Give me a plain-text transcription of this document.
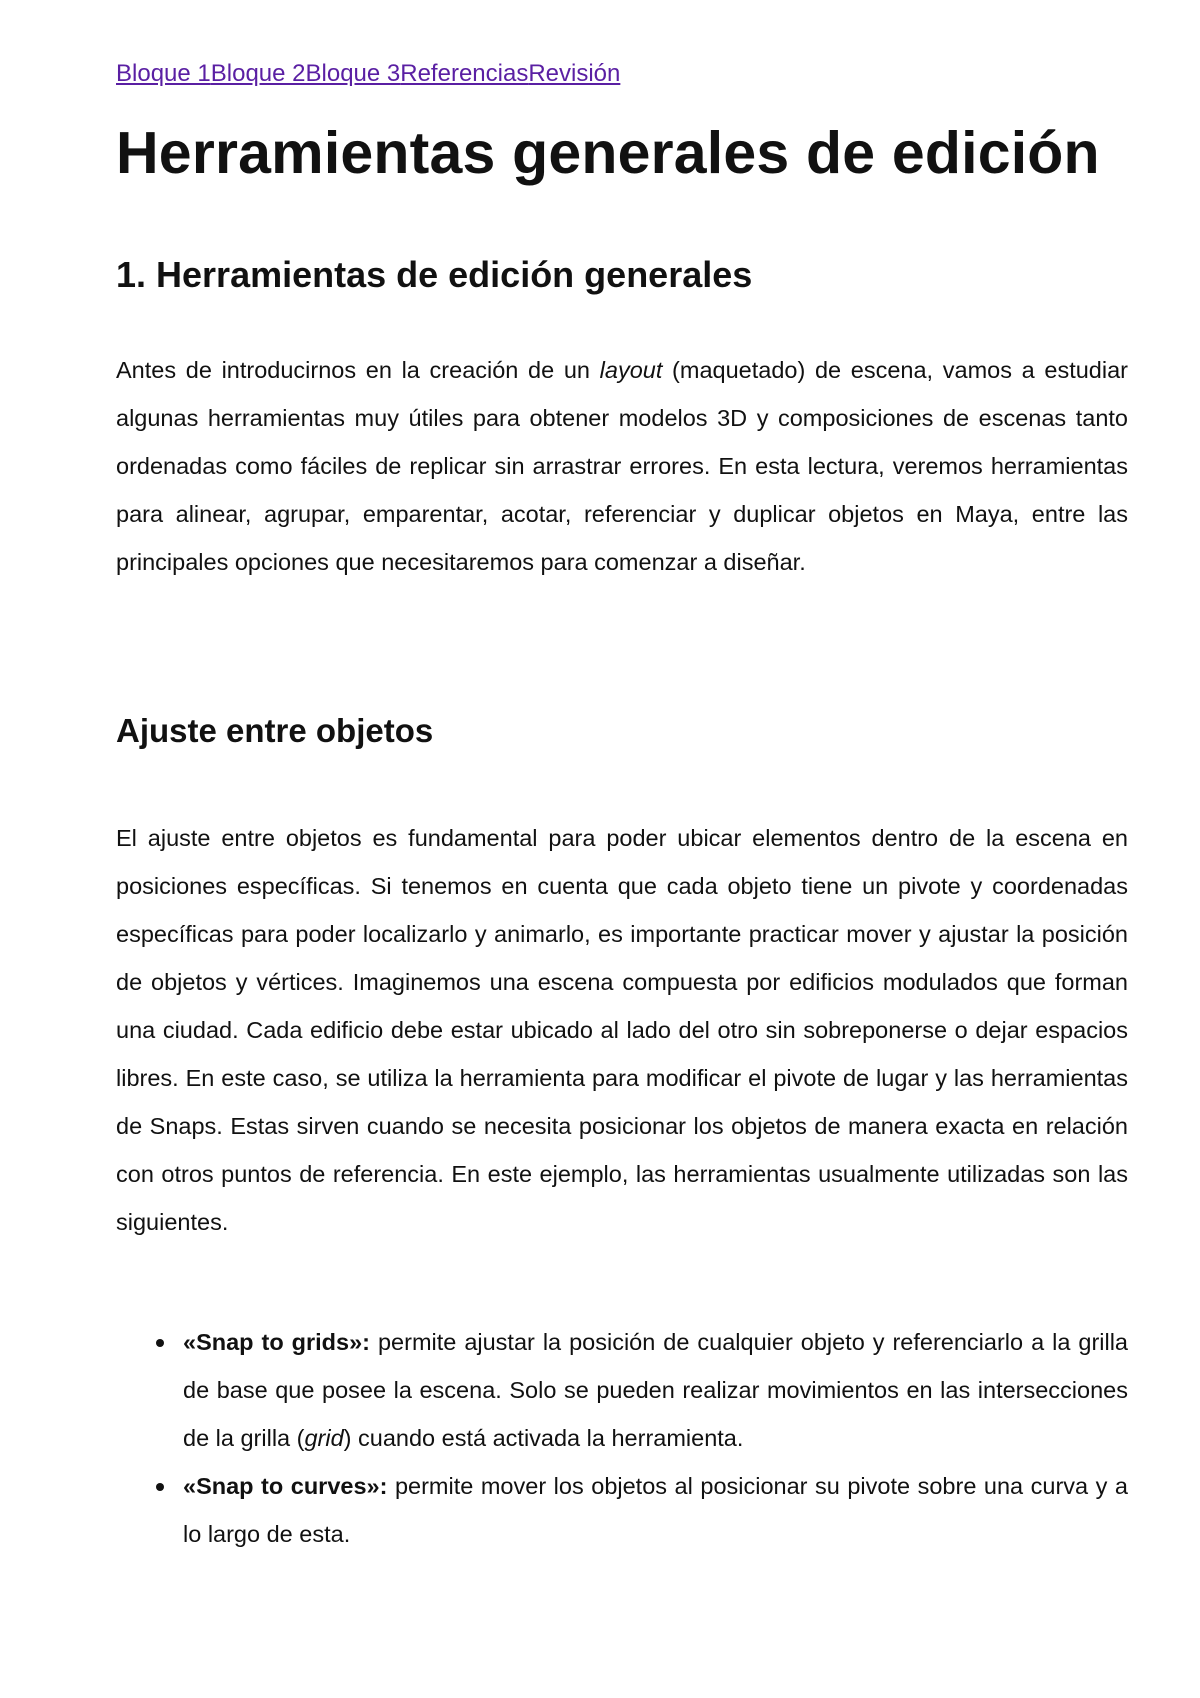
Bloque 1Bloque 2Bloque 3ReferenciasRevisión
Herramientas generales de edición
1. Herramientas de edición generales

Antes de introducirnos en la creación de un layout (maquetado) de escena, vamos a estudiar algunas herramientas muy útiles para obtener modelos 3D y composiciones de escenas tanto ordenadas como fáciles de replicar sin arrastrar errores. En esta lectura, veremos herramientas para alinear, agrupar, emparentar, acotar, referenciar y duplicar objetos en Maya, entre las principales opciones que necesitaremos para comenzar a diseñar.

Ajuste entre objetos

El ajuste entre objetos es fundamental para poder ubicar elementos dentro de la escena en posiciones específicas. Si tenemos en cuenta que cada objeto tiene un pivote y coordenadas específicas para poder localizarlo y animarlo, es importante practicar mover y ajustar la posición de objetos y vértices. Imaginemos una escena compuesta por edificios modulados que forman una ciudad. Cada edificio debe estar ubicado al lado del otro sin sobreponerse o dejar espacios libres. En este caso, se utiliza la herramienta para modificar el pivote de lugar y las herramientas de Snaps. Estas sirven cuando se necesita posicionar los objetos de manera exacta en relación con otros puntos de referencia. En este ejemplo, las herramientas usualmente utilizadas son las siguientes.

«Snap to grids»: permite ajustar la posición de cualquier objeto y referenciarlo a la grilla de base que posee la escena. Solo se pueden realizar movimientos en las intersecciones de la grilla (grid) cuando está activada la herramienta.
«Snap to curves»: permite mover los objetos al posicionar su pivote sobre una curva y a lo largo de esta.
